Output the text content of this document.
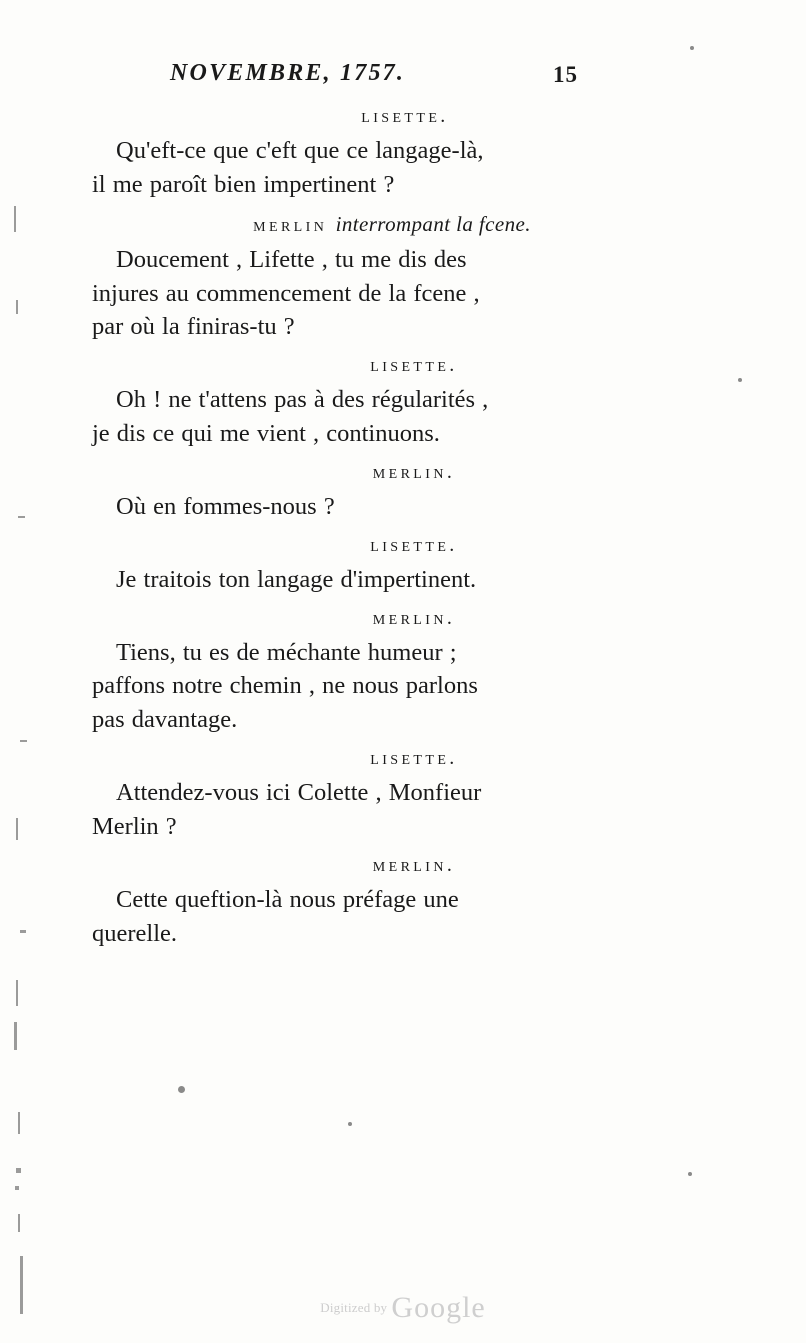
NOVEMBRE, 1757.	15
lisette.
Qu'eft-ce que c'eft que ce langage-là,
il me paroît bien impertinent ?
merlin interrompant la fcene.
Doucement , Lifette , tu me dis des
injures au commencement de la fcene ,
par où la finiras-tu ?
lisette.
Oh ! ne t'attens pas à des régularités ,
je dis ce qui me vient , continuons.
merlin.
Où en fommes-nous ?
lisette.
Je traitois ton langage d'impertinent.
merlin.
Tiens, tu es de méchante humeur ;
paffons notre chemin , ne nous parlons
pas davantage.
lisette.
Attendez-vous ici Colette , Monfieur
Merlin ?
merlin.
Cette queftion-là nous préfage une
querelle.
Digitized by Google
